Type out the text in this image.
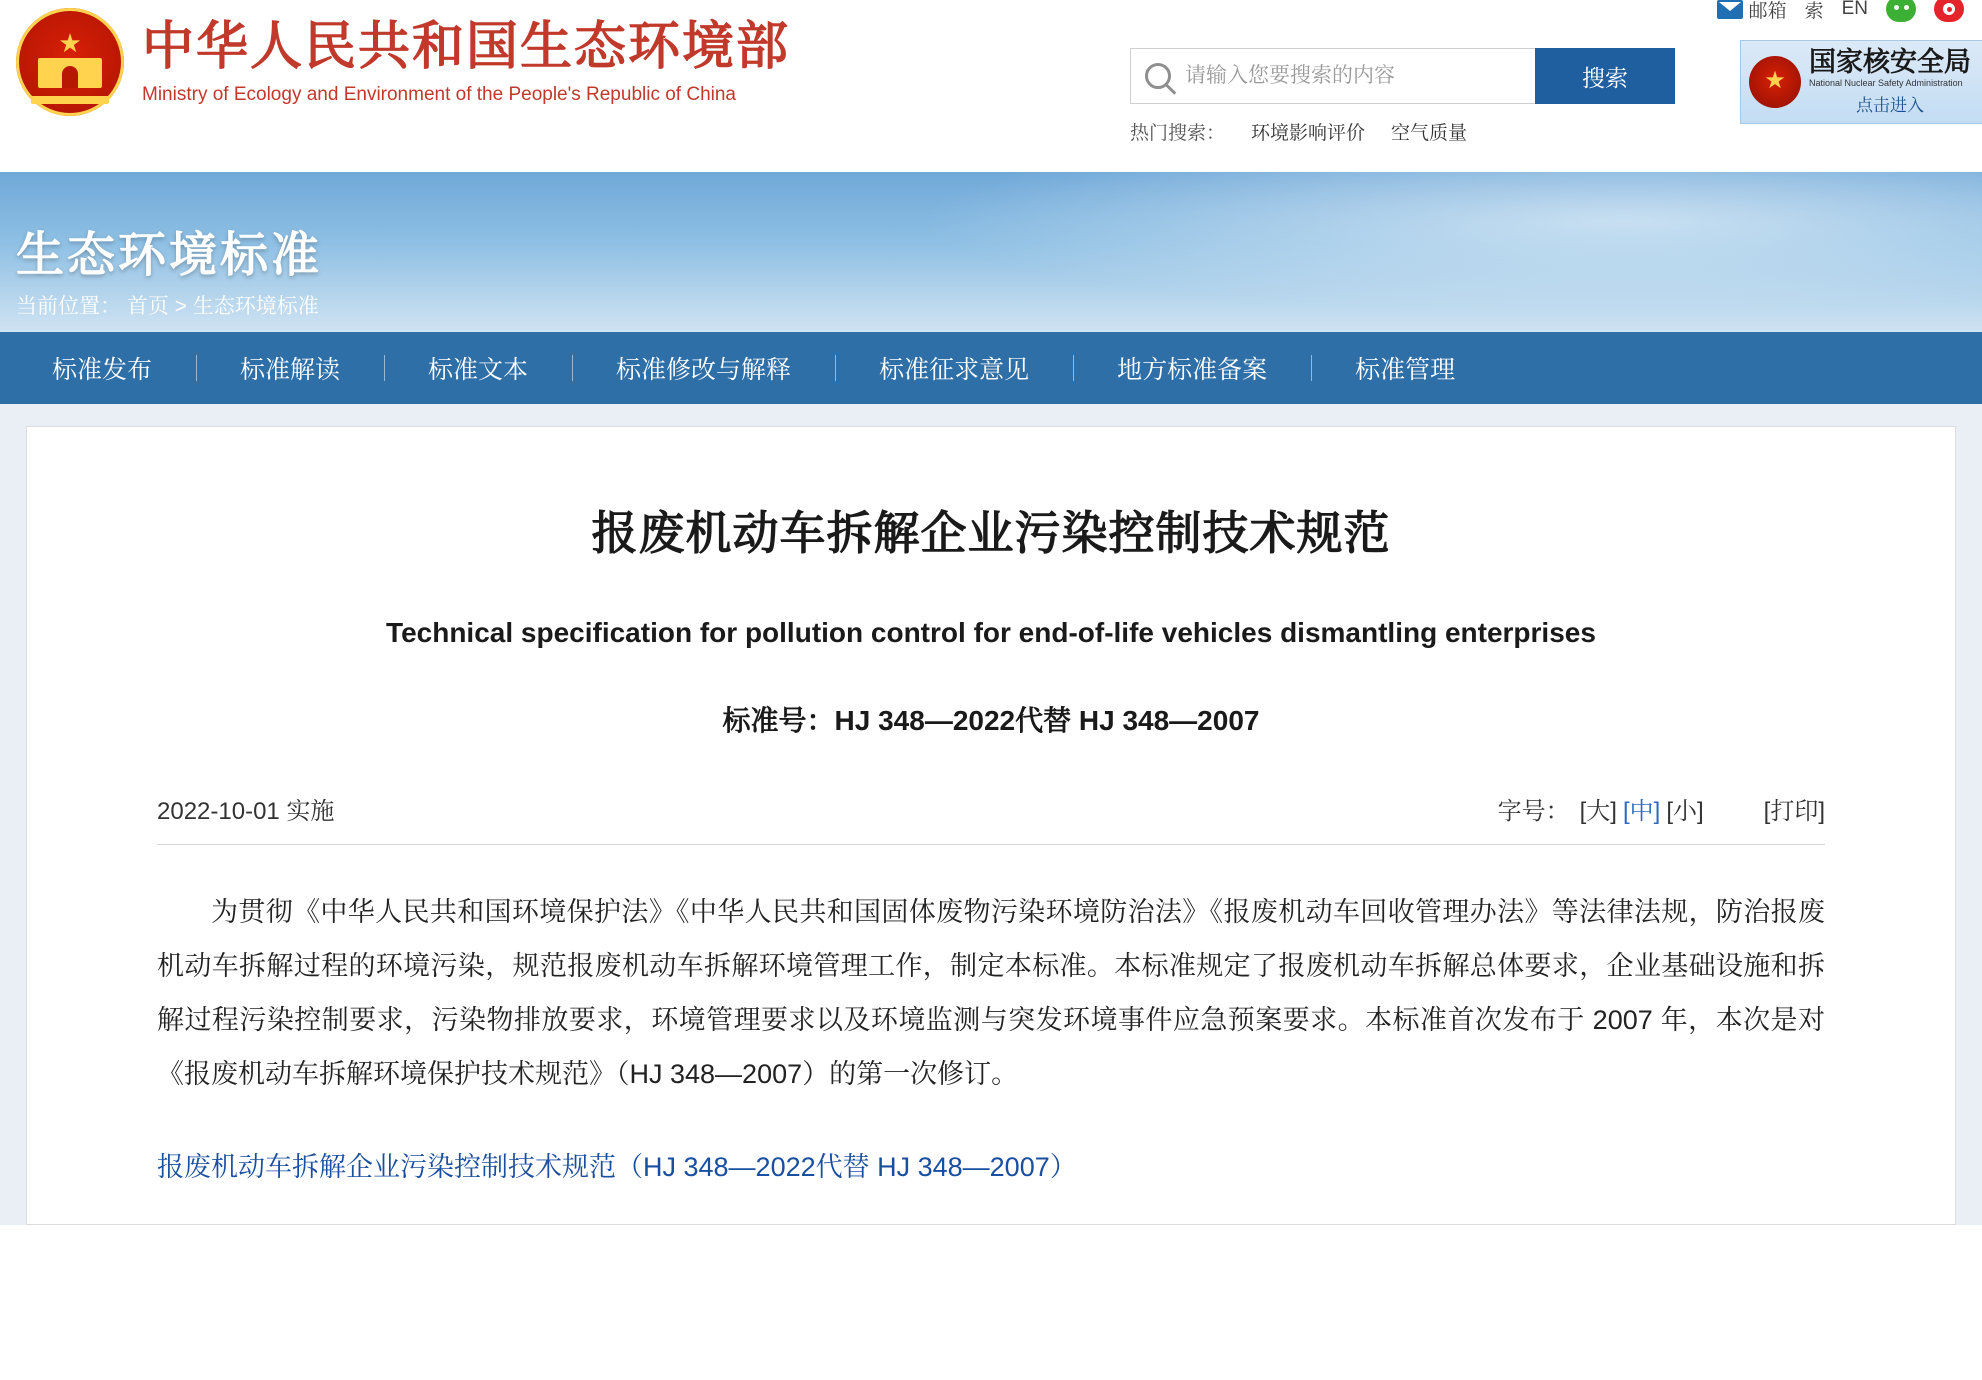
邮箱 索 EN
★ 中华人民共和国生态环境部
Ministry of Ecology and Environment of the People's Republic of China
请输入您要搜索的内容
搜索
热门搜索： 环境影响评价 空气质量
★
国家核安全局
National Nuclear Safety Administration
点击进入
生态环境标准
当前位置： 首页 > 生态环境标准
标准发布	标准解读	标准文本	标准修改与解释	标准征求意见	地方标准备案	标准管理
报废机动车拆解企业污染控制技术规范
Technical specification for pollution control for end-of-life vehicles dismantling enterprises
标准号：HJ 348—2022代替 HJ 348—2007
2022-10-01 实施	字号： [大] [中] [小]	[打印]
为贯彻《中华人民共和国环境保护法》《中华人民共和国固体废物污染环境防治法》《报废机动车回收管理办法》等法律法规，防治报废机动车拆解过程的环境污染，规范报废机动车拆解环境管理工作，制定本标准。本标准规定了报废机动车拆解总体要求，企业基础设施和拆解过程污染控制要求，污染物排放要求，环境管理要求以及环境监测与突发环境事件应急预案要求。本标准首次发布于 2007 年，本次是对《报废机动车拆解环境保护技术规范》（HJ 348—2007）的第一次修订。
报废机动车拆解企业污染控制技术规范（HJ 348—2022代替 HJ 348—2007）
